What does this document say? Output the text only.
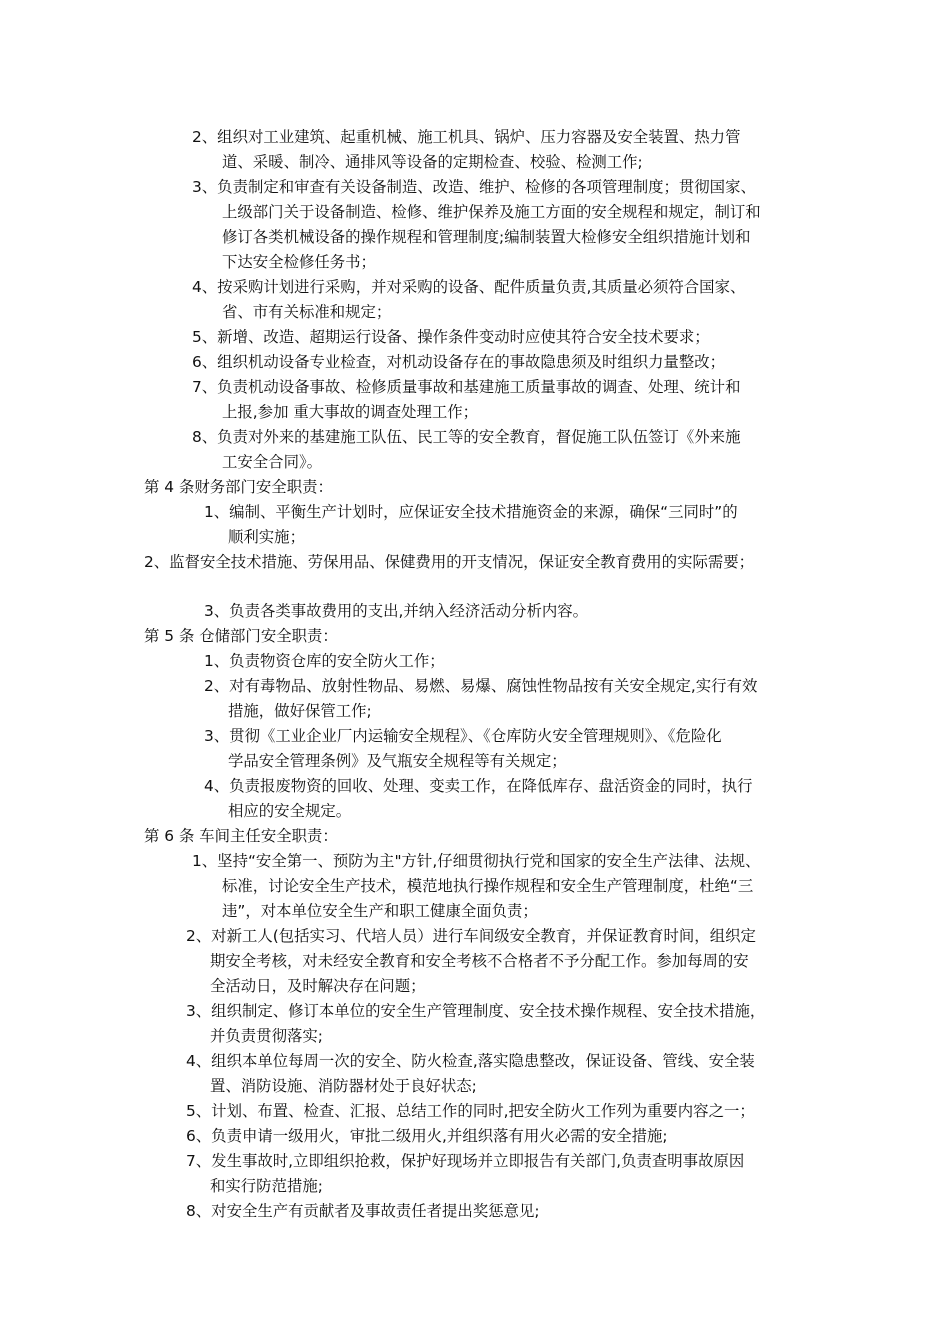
2、组织对工业建筑、起重机械、施工机具、锅炉、压力容器及安全装置、热力管
道、采暖、制冷、通排风等设备的定期检查、校验、检测工作;
3、负责制定和审查有关设备制造、改造、维护、检修的各项管理制度；贯彻国家、
上级部门关于设备制造、检修、维护保养及施工方面的安全规程和规定，制订和
修订各类机械设备的操作规程和管理制度;编制装置大检修安全组织措施计划和
下达安全检修任务书；
4、按采购计划进行采购，并对采购的设备、配件质量负责,其质量必须符合国家、
省、市有关标准和规定；
5、新增、改造、超期运行设备、操作条件变动时应使其符合安全技术要求；
6、组织机动设备专业检查，对机动设备存在的事故隐患须及时组织力量整改；
7、负责机动设备事故、检修质量事故和基建施工质量事故的调查、处理、统计和
上报,参加 重大事故的调查处理工作；
8、负责对外来的基建施工队伍、民工等的安全教育，督促施工队伍签订《外来施
工安全合同》。
第 4 条财务部门安全职责：
1、编制、平衡生产计划时，应保证安全技术措施资金的来源，确保“三同时”的
顺利实施；
2、监督安全技术措施、劳保用品、保健费用的开支情况，保证安全教育费用的实际需要；
3、负责各类事故费用的支出,并纳入经济活动分析内容。
第 5 条 仓储部门安全职责：
1、负责物资仓库的安全防火工作；
2、对有毒物品、放射性物品、易燃、易爆、腐蚀性物品按有关安全规定,实行有效
措施，做好保管工作;
3、贯彻《工业企业厂内运输安全规程》、《仓库防火安全管理规则》、《危险化
学品安全管理条例》及气瓶安全规程等有关规定；
4、负责报废物资的回收、处理、变卖工作，在降低库存、盘活资金的同时，执行
相应的安全规定。
第 6 条 车间主任安全职责：
1、坚持“安全第一、预防为主"方针,仔细贯彻执行党和国家的安全生产法律、法规、
标准，讨论安全生产技术，模范地执行操作规程和安全生产管理制度，杜绝“三
违”，对本单位安全生产和职工健康全面负责；
2、对新工人(包括实习、代培人员）进行车间级安全教育，并保证教育时间，组织定
期安全考核，对未经安全教育和安全考核不合格者不予分配工作。参加每周的安
全活动日，及时解决存在问题；
3、组织制定、修订本单位的安全生产管理制度、安全技术操作规程、安全技术措施，
并负责贯彻落实;
4、组织本单位每周一次的安全、防火检查,落实隐患整改，保证设备、管线、安全装
置、消防设施、消防器材处于良好状态;
5、计划、布置、检查、汇报、总结工作的同时,把安全防火工作列为重要内容之一；
6、负责申请一级用火，审批二级用火,并组织落有用火必需的安全措施;
7、发生事故时,立即组织抢救，保护好现场并立即报告有关部门,负责查明事故原因
和实行防范措施;
8、对安全生产有贡献者及事故责任者提出奖惩意见;
